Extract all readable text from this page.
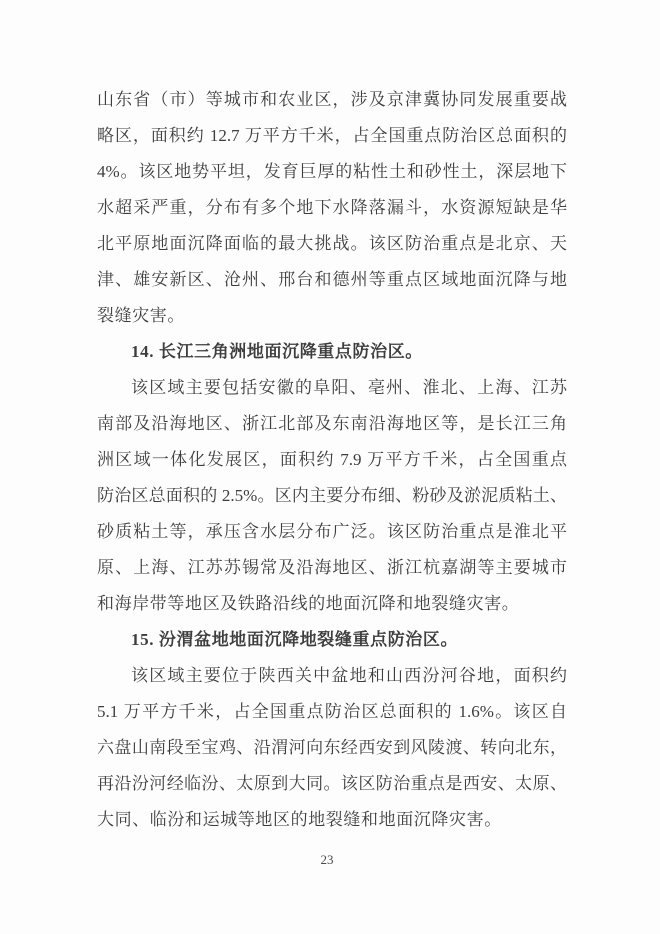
山东省（市）等城市和农业区，涉及京津冀协同发展重要战
略区，面积约 12.7 万平方千米，占全国重点防治区总面积的
4%。该区地势平坦，发育巨厚的粘性土和砂性土，深层地下
水超采严重，分布有多个地下水降落漏斗，水资源短缺是华
北平原地面沉降面临的最大挑战。该区防治重点是北京、天
津、雄安新区、沧州、邢台和德州等重点区域地面沉降与地
裂缝灾害。
14. 长江三角洲地面沉降重点防治区。
该区域主要包括安徽的阜阳、亳州、淮北、上海、江苏
南部及沿海地区、浙江北部及东南沿海地区等，是长江三角
洲区域一体化发展区，面积约 7.9 万平方千米，占全国重点
防治区总面积的 2.5%。区内主要分布细、粉砂及淤泥质粘土、
砂质粘土等，承压含水层分布广泛。该区防治重点是淮北平
原、上海、江苏苏锡常及沿海地区、浙江杭嘉湖等主要城市
和海岸带等地区及铁路沿线的地面沉降和地裂缝灾害。
15. 汾渭盆地地面沉降地裂缝重点防治区。
该区域主要位于陕西关中盆地和山西汾河谷地，面积约
5.1 万平方千米，占全国重点防治区总面积的 1.6%。该区自
六盘山南段至宝鸡、沿渭河向东经西安到风陵渡、转向北东，
再沿汾河经临汾、太原到大同。该区防治重点是西安、太原、
大同、临汾和运城等地区的地裂缝和地面沉降灾害。
23
